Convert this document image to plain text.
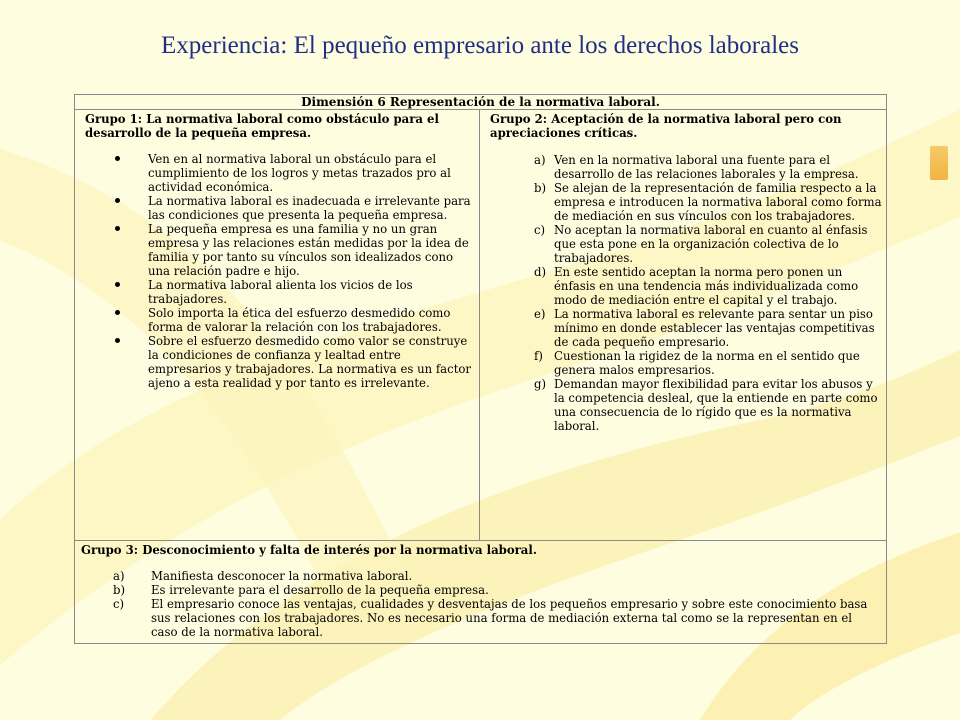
Experiencia: El pequeño empresario ante los derechos laborales
Dimensión 6 Representación de la normativa laboral.

Grupo 1: La normativa laboral como obstáculo para el desarrollo de la pequeña empresa.
Ven en al normativa laboral un obstáculo para el cumplimiento de los logros y metas trazados pro al actividad económica.
La normativa laboral es inadecuada e irrelevante para las condiciones que presenta la pequeña empresa.
La pequeña empresa es una familia y no un gran empresa y las relaciones están medidas por la idea de familia y por tanto su vínculos son idealizados cono una relación padre e hijo.
La normativa laboral alienta los vicios de los trabajadores.
Solo importa la ética del esfuerzo desmedido como forma de valorar la relación con los trabajadores.
Sobre el esfuerzo desmedido como valor se construye la condiciones de confianza y lealtad entre empresarios y trabajadores. La normativa es un factor ajeno a esta realidad y por tanto es irrelevante.

Grupo 2: Aceptación de la normativa laboral pero con apreciaciones críticas.
a) Ven en la normativa laboral una fuente para el desarrollo de las relaciones laborales y la empresa.
b) Se alejan de la representación de familia respecto a la empresa e introducen la normativa laboral como forma de mediación en sus vínculos con los trabajadores.
c) No aceptan la normativa laboral en cuanto al énfasis que esta pone en la organización colectiva de lo trabajadores.
d) En este sentido aceptan la norma pero ponen un énfasis en una tendencia más individualizada como modo de mediación entre el capital y el trabajo.
e) La normativa laboral es relevante para sentar un piso mínimo en donde establecer las ventajas competitivas de cada pequeño empresario.
f) Cuestionan la rigidez de la norma en el sentido que genera malos empresarios.
g) Demandan mayor flexibilidad para evitar los abusos y la competencia desleal, que la entiende en parte como una consecuencia de lo rígido que es la normativa laboral.

Grupo 3: Desconocimiento y falta de interés por la normativa laboral.
a) Manifiesta desconocer la normativa laboral.
b) Es irrelevante para el desarrollo de la pequeña empresa.
c) El empresario conoce las ventajas, cualidades y desventajas de los pequeños empresario y sobre este conocimiento basa sus relaciones con los trabajadores. No es necesario una forma de mediación externa tal como se la representan en el caso de la normativa laboral.
